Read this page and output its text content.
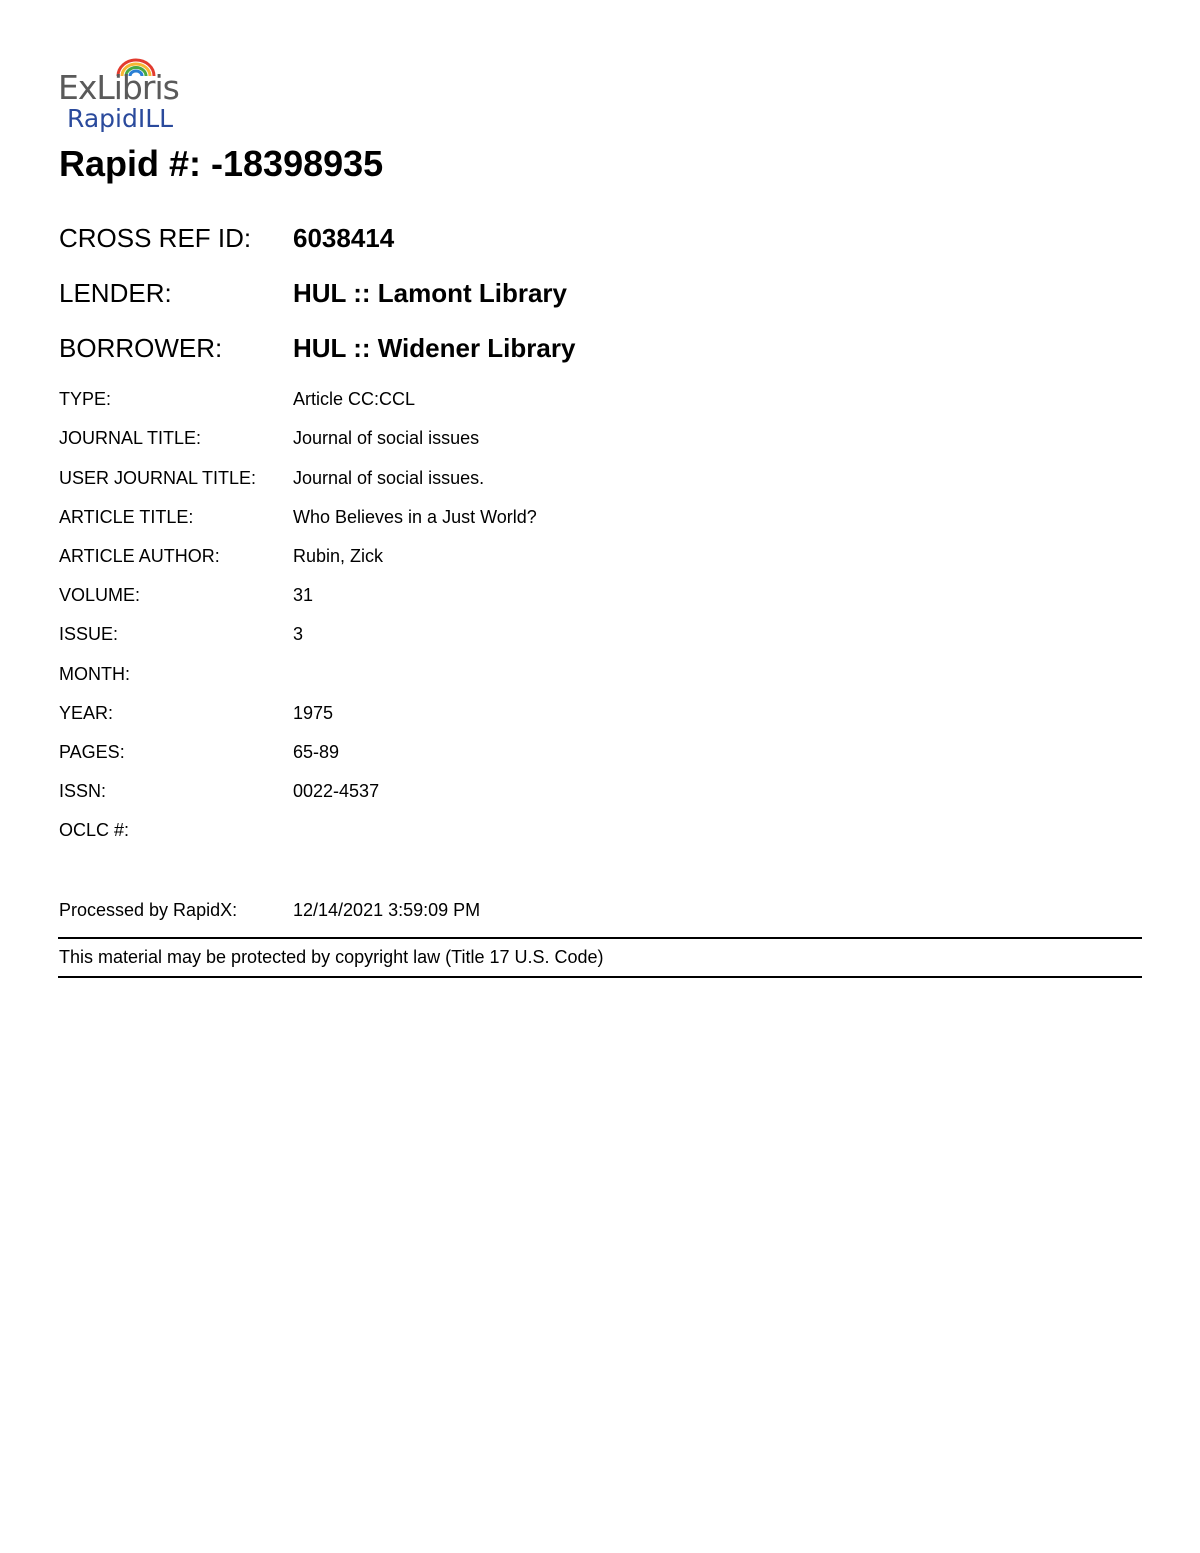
ExLibris
RapidILL
Rapid #: -18398935
CROSS REF ID: 6038414
LENDER:	HUL :: Lamont Library
BORROWER:	HUL :: Widener Library
TYPE:	Article CC:CCL
JOURNAL TITLE:	Journal of social issues
USER JOURNAL TITLE: Journal of social issues.
ARTICLE TITLE:	Who Believes in a Just World?
ARTICLE AUTHOR:	Rubin, Zick
VOLUME:	31
ISSUE:	3
MONTH:
YEAR:	1975
PAGES:	65-89
ISSN:	0022-4537
OCLC #:
Processed by RapidX:	12/14/2021 3:59:09 PM
This material may be protected by copyright law (Title 17 U.S. Code)
